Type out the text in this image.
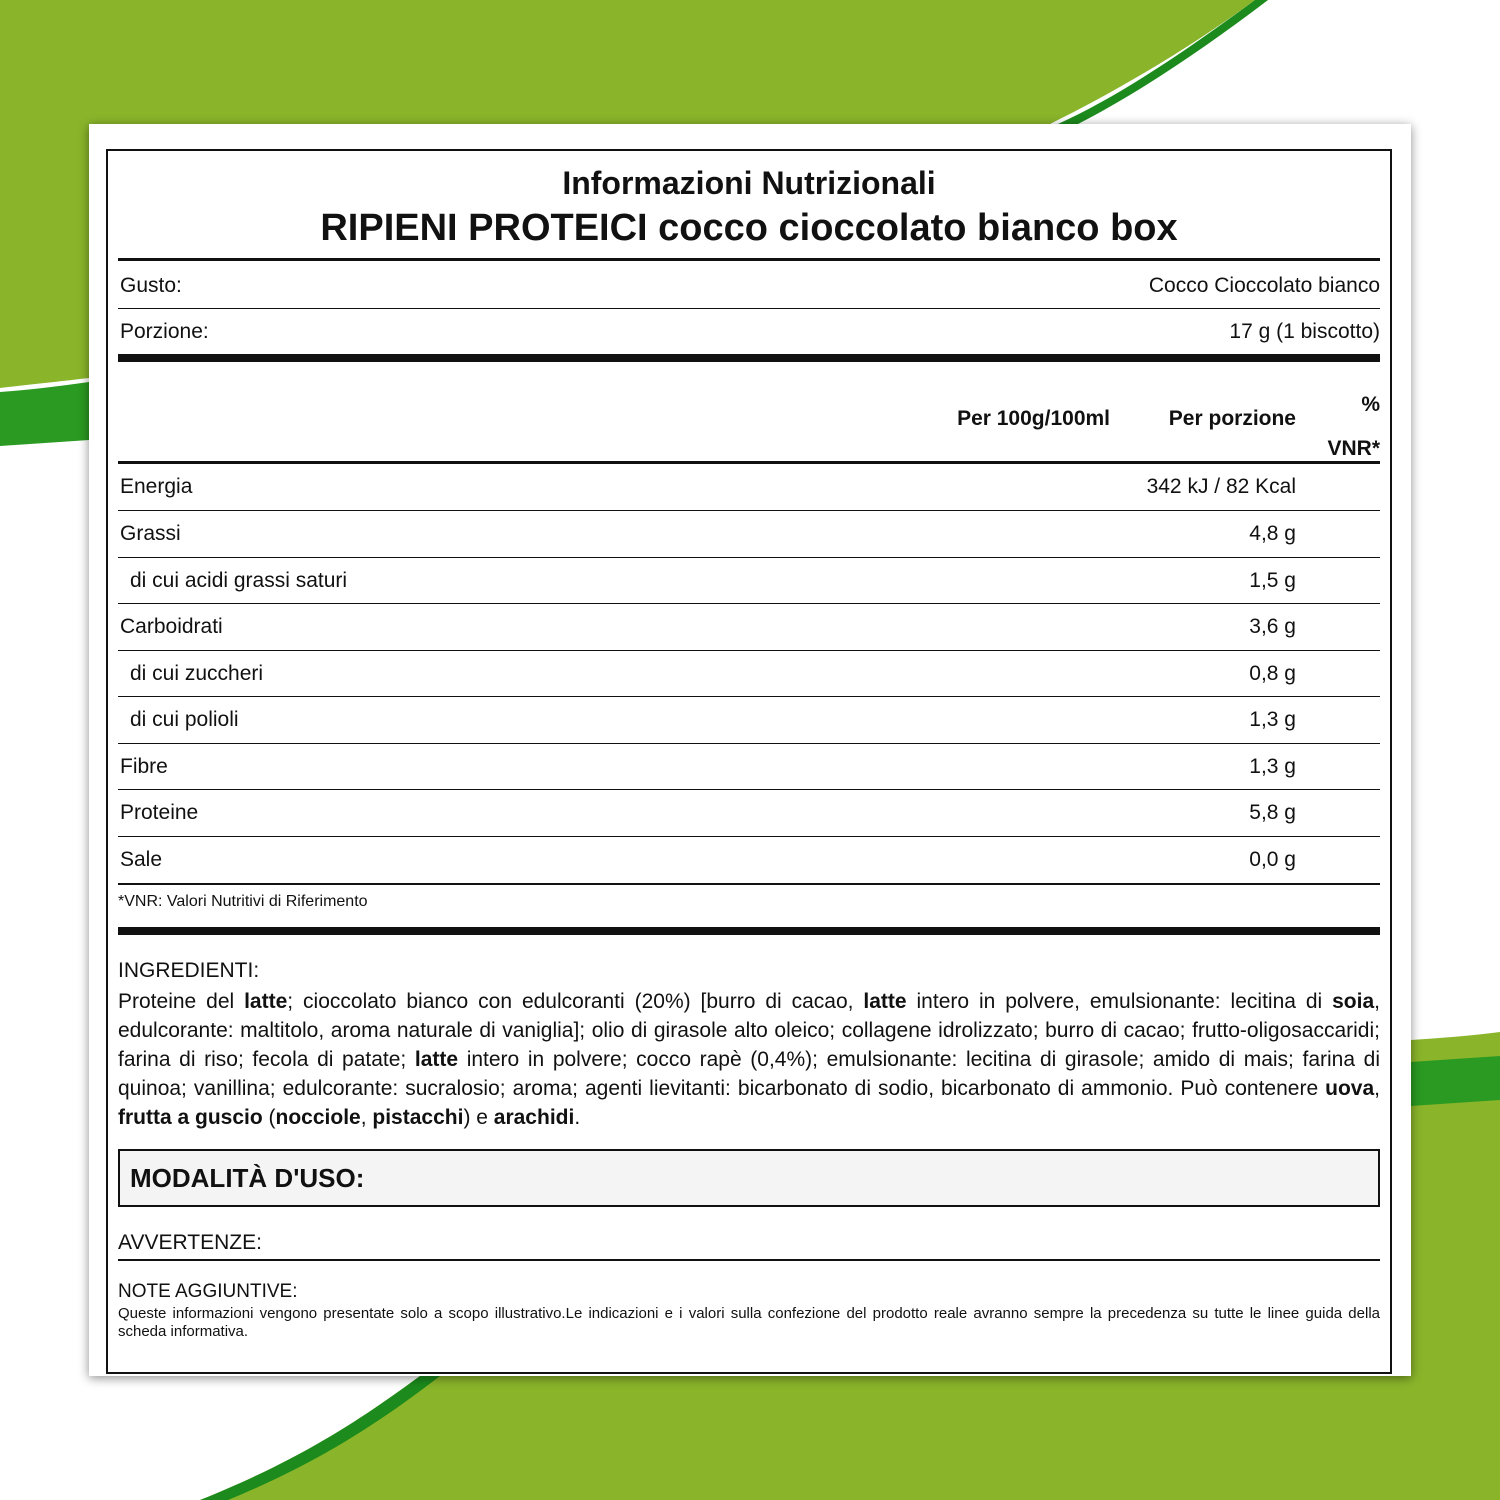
Informazioni Nutrizionali
RIPIENI PROTEICI cocco cioccolato bianco box
Gusto:	Cocco Cioccolato bianco
Porzione:	17 g (1 biscotto)
Per 100g/100ml	Per porzione
%
VNR*
Energia	342 kJ / 82 Kcal
Grassi	4,8 g
di cui acidi grassi saturi	1,5 g
Carboidrati	3,6 g
di cui zuccheri	0,8 g
di cui polioli	1,3 g
Fibre	1,3 g
Proteine	5,8 g
Sale	0,0 g
*VNR: Valori Nutritivi di Riferimento
INGREDIENTI:
Proteine del latte; cioccolato bianco con edulcoranti (20%) [burro di cacao, latte intero in polvere, emulsionante: lecitina di soia, edulcorante: maltitolo, aroma naturale di vaniglia]; olio di girasole alto oleico; collagene idrolizzato; burro di cacao; frutto-oligosaccaridi; farina di riso; fecola di patate; latte intero in polvere; cocco rapè (0,4%); emulsionante: lecitina di girasole; amido di mais; farina di quinoa; vanillina; edulcorante: sucralosio; aroma; agenti lievitanti: bicarbonato di sodio, bicarbonato di ammonio. Può contenere uova, frutta a guscio (nocciole, pistacchi) e arachidi.
MODALITÀ D'USO:
AVVERTENZE:
NOTE AGGIUNTIVE:
Queste informazioni vengono presentate solo a scopo illustrativo.Le indicazioni e i valori sulla confezione del prodotto reale avranno sempre la precedenza su tutte le linee guida della scheda informativa.
